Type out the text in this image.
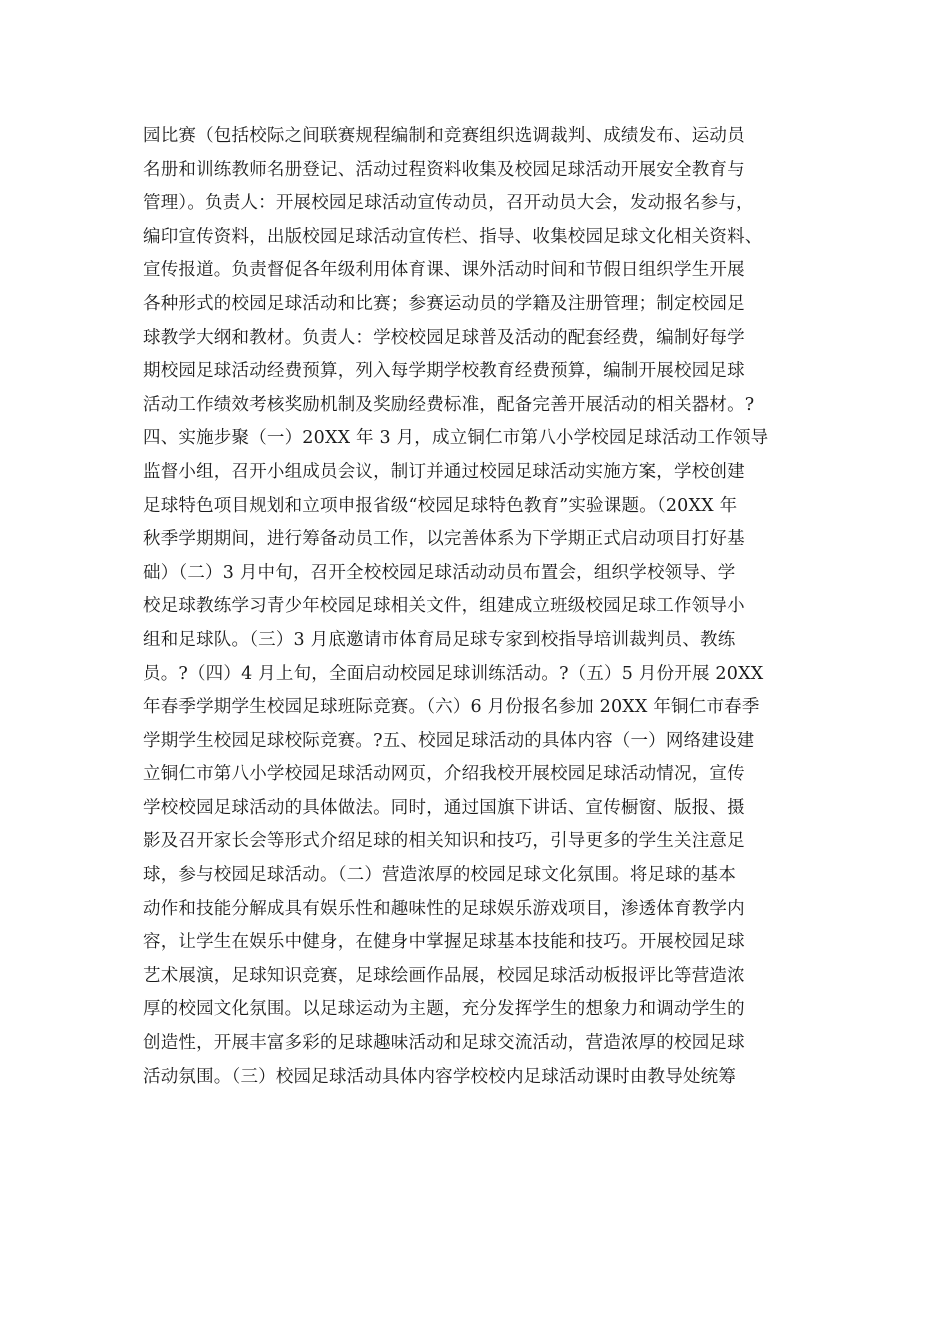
园比赛（包括校际之间联赛规程编制和竞赛组织选调裁判、成绩发布、运动员
名册和训练教师名册登记、活动过程资料收集及校园足球活动开展安全教育与
管理）。负责人：开展校园足球活动宣传动员，召开动员大会，发动报名参与，
编印宣传资料，出版校园足球活动宣传栏、指导、收集校园足球文化相关资料、
宣传报道。负责督促各年级利用体育课、课外活动时间和节假日组织学生开展
各种形式的校园足球活动和比赛；参赛运动员的学籍及注册管理；制定校园足
球教学大纲和教材。负责人：学校校园足球普及活动的配套经费，编制好每学
期校园足球活动经费预算，列入每学期学校教育经费预算，编制开展校园足球
活动工作绩效考核奖励机制及奖励经费标准，配备完善开展活动的相关器材。?
四、实施步聚（一）20XX 年 3 月，成立铜仁市第八小学校园足球活动工作领导
监督小组，召开小组成员会议，制订并通过校园足球活动实施方案，学校创建
足球特色项目规划和立项申报省级“校园足球特色教育”实验课题。（20XX 年
秋季学期期间，进行筹备动员工作，以完善体系为下学期正式启动项目打好基
础）（二）3 月中旬，召开全校校园足球活动动员布置会，组织学校领导、学
校足球教练学习青少年校园足球相关文件，组建成立班级校园足球工作领导小
组和足球队。（三）3 月底邀请市体育局足球专家到校指导培训裁判员、教练
员。?（四）4 月上旬，全面启动校园足球训练活动。?（五）5 月份开展 20XX
年春季学期学生校园足球班际竞赛。（六）6 月份报名参加 20XX 年铜仁市春季
学期学生校园足球校际竞赛。?五、校园足球活动的具体内容（一）网络建设建
立铜仁市第八小学校园足球活动网页，介绍我校开展校园足球活动情况，宣传
学校校园足球活动的具体做法。同时，通过国旗下讲话、宣传橱窗、版报、摄
影及召开家长会等形式介绍足球的相关知识和技巧，引导更多的学生关注意足
球，参与校园足球活动。（二）营造浓厚的校园足球文化氛围。将足球的基本
动作和技能分解成具有娱乐性和趣味性的足球娱乐游戏项目，渗透体育教学内
容，让学生在娱乐中健身，在健身中掌握足球基本技能和技巧。开展校园足球
艺术展演，足球知识竞赛，足球绘画作品展，校园足球活动板报评比等营造浓
厚的校园文化氛围。以足球运动为主题，充分发挥学生的想象力和调动学生的
创造性，开展丰富多彩的足球趣味活动和足球交流活动，营造浓厚的校园足球
活动氛围。（三）校园足球活动具体内容学校校内足球活动课时由教导处统筹
